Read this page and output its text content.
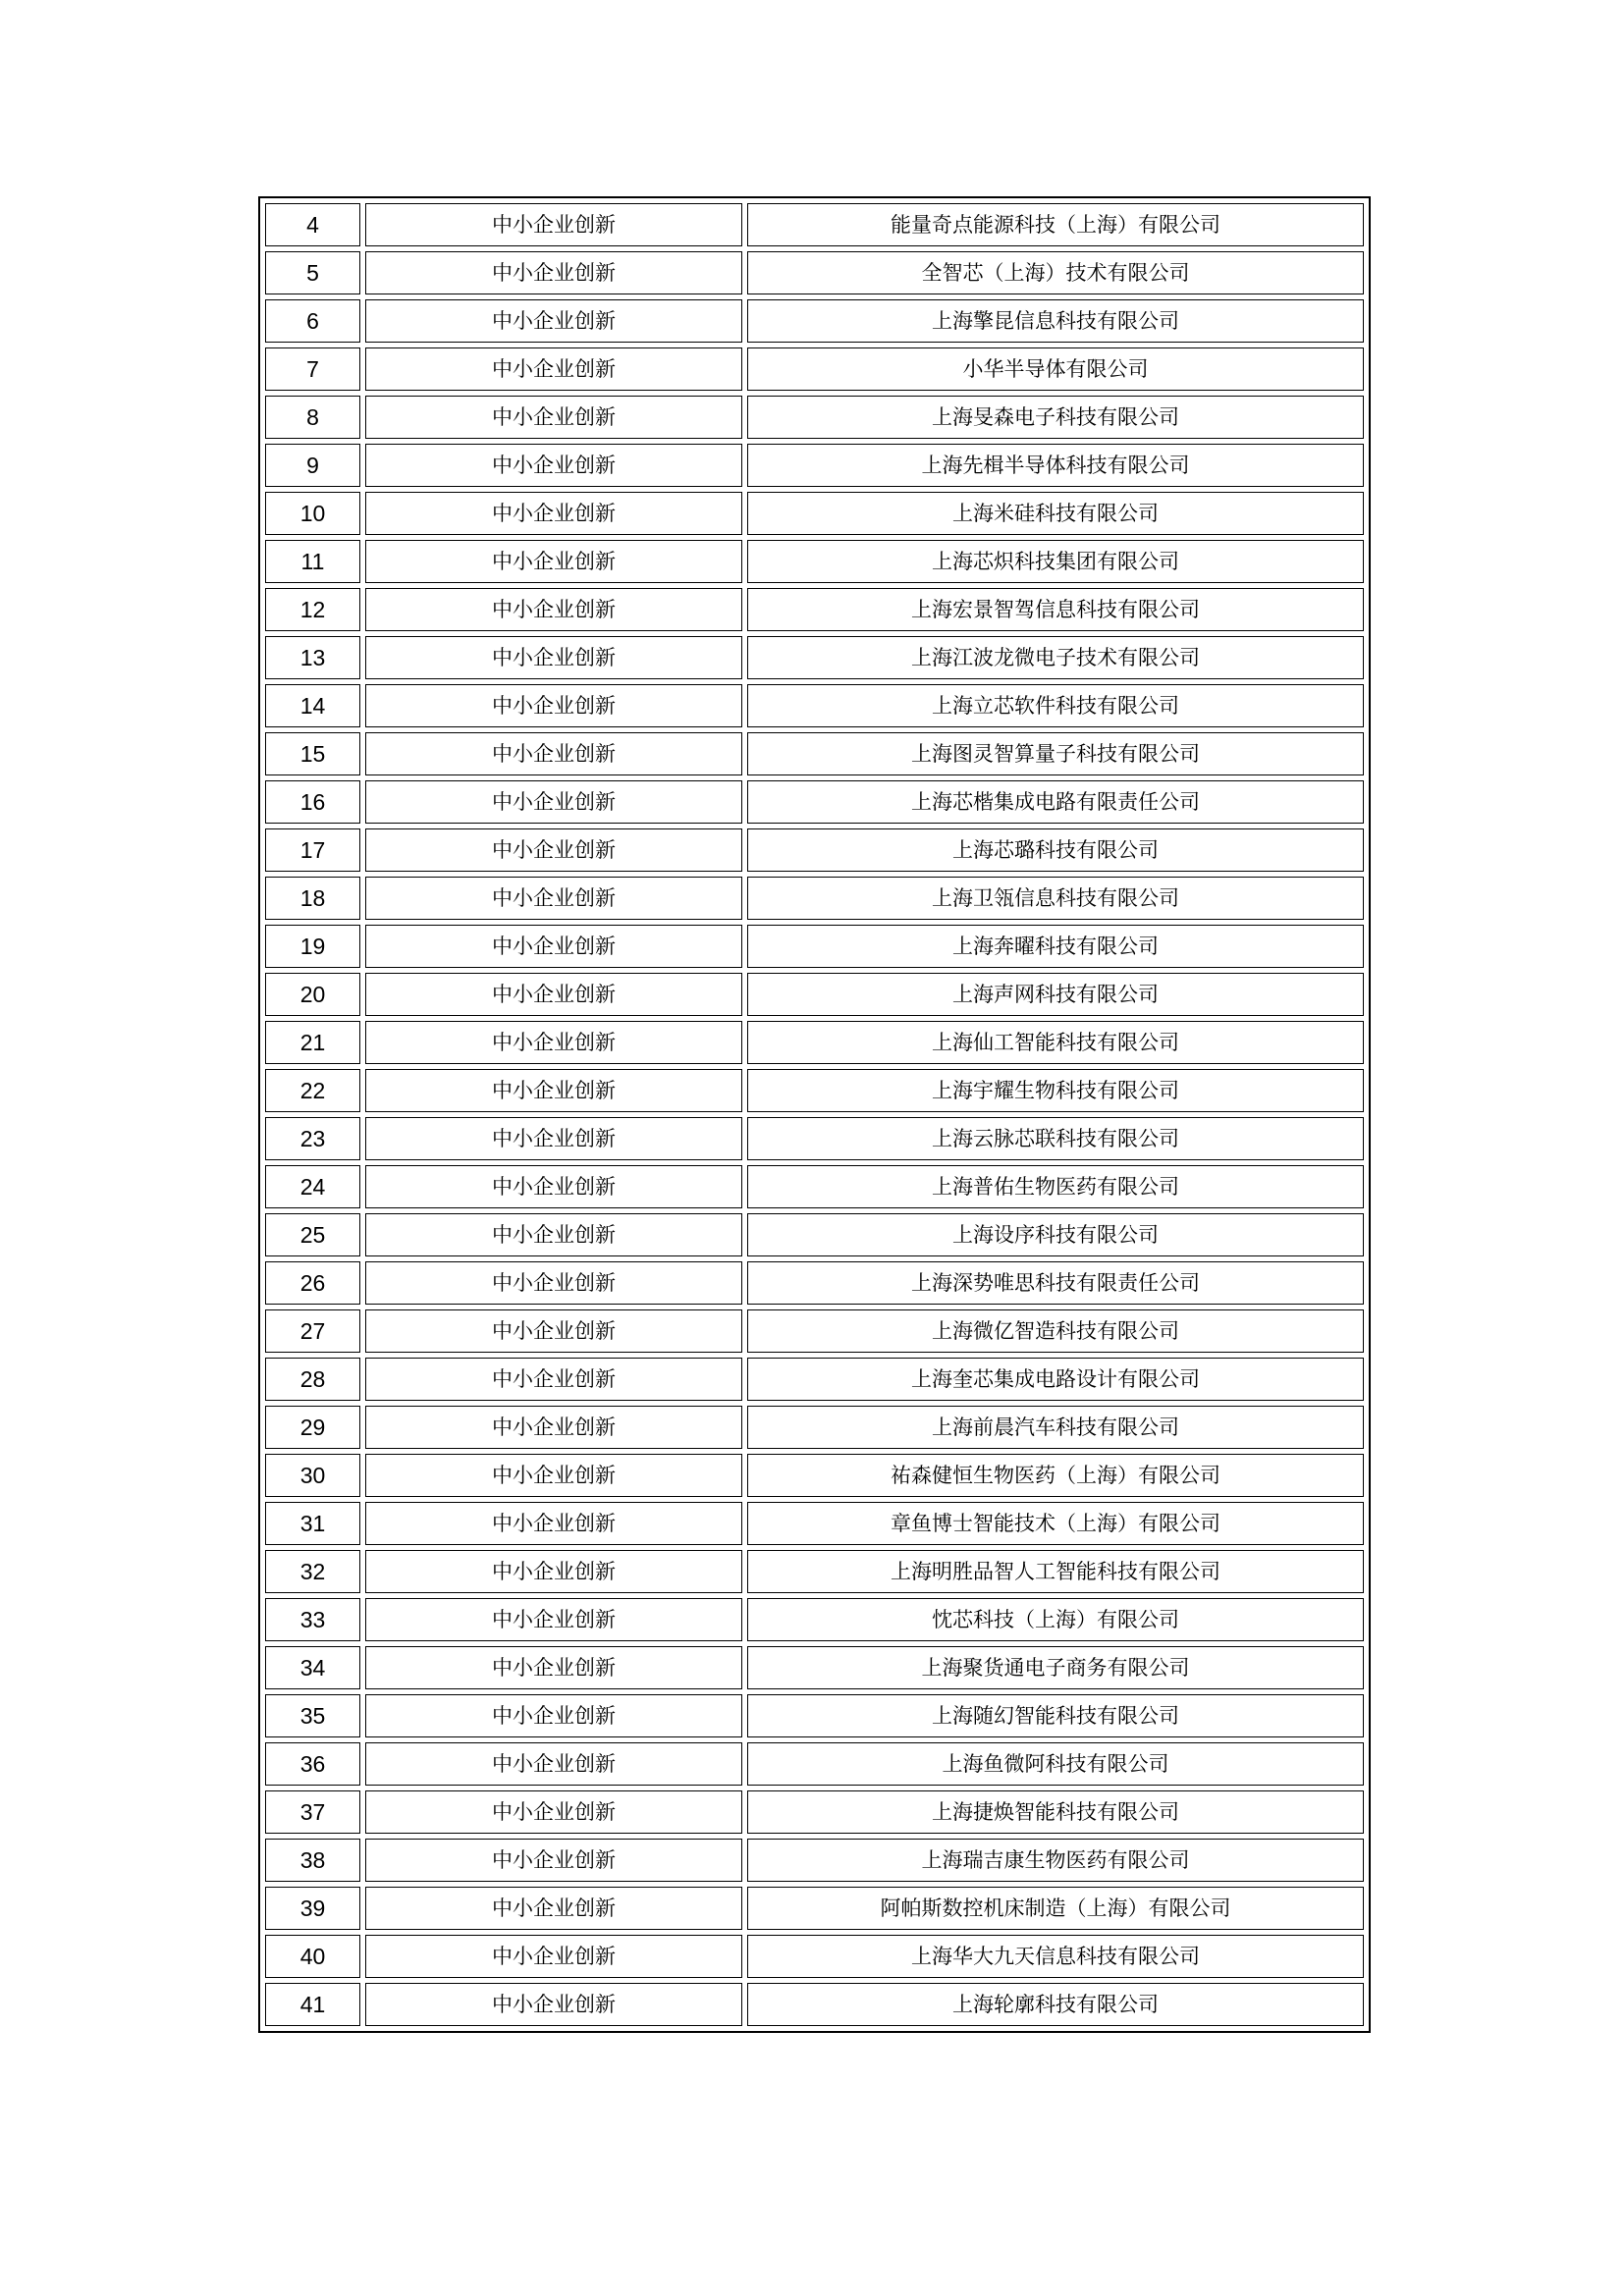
4	中小企业创新	能量奇点能源科技（上海）有限公司
5	中小企业创新	全智芯（上海）技术有限公司
6	中小企业创新	上海擎昆信息科技有限公司
7	中小企业创新	小华半导体有限公司
8	中小企业创新	上海旻森电子科技有限公司
9	中小企业创新	上海先楫半导体科技有限公司
10	中小企业创新	上海米硅科技有限公司
11	中小企业创新	上海芯炽科技集团有限公司
12	中小企业创新	上海宏景智驾信息科技有限公司
13	中小企业创新	上海江波龙微电子技术有限公司
14	中小企业创新	上海立芯软件科技有限公司
15	中小企业创新	上海图灵智算量子科技有限公司
16	中小企业创新	上海芯楷集成电路有限责任公司
17	中小企业创新	上海芯璐科技有限公司
18	中小企业创新	上海卫瓴信息科技有限公司
19	中小企业创新	上海奔曜科技有限公司
20	中小企业创新	上海声网科技有限公司
21	中小企业创新	上海仙工智能科技有限公司
22	中小企业创新	上海宇耀生物科技有限公司
23	中小企业创新	上海云脉芯联科技有限公司
24	中小企业创新	上海普佑生物医药有限公司
25	中小企业创新	上海设序科技有限公司
26	中小企业创新	上海深势唯思科技有限责任公司
27	中小企业创新	上海微亿智造科技有限公司
28	中小企业创新	上海奎芯集成电路设计有限公司
29	中小企业创新	上海前晨汽车科技有限公司
30	中小企业创新	祐森健恒生物医药（上海）有限公司
31	中小企业创新	章鱼博士智能技术（上海）有限公司
32	中小企业创新	上海明胜品智人工智能科技有限公司
33	中小企业创新	忱芯科技（上海）有限公司
34	中小企业创新	上海聚货通电子商务有限公司
35	中小企业创新	上海随幻智能科技有限公司
36	中小企业创新	上海鱼微阿科技有限公司
37	中小企业创新	上海捷焕智能科技有限公司
38	中小企业创新	上海瑞吉康生物医药有限公司
39	中小企业创新	阿帕斯数控机床制造（上海）有限公司
40	中小企业创新	上海华大九天信息科技有限公司
41	中小企业创新	上海轮廓科技有限公司
